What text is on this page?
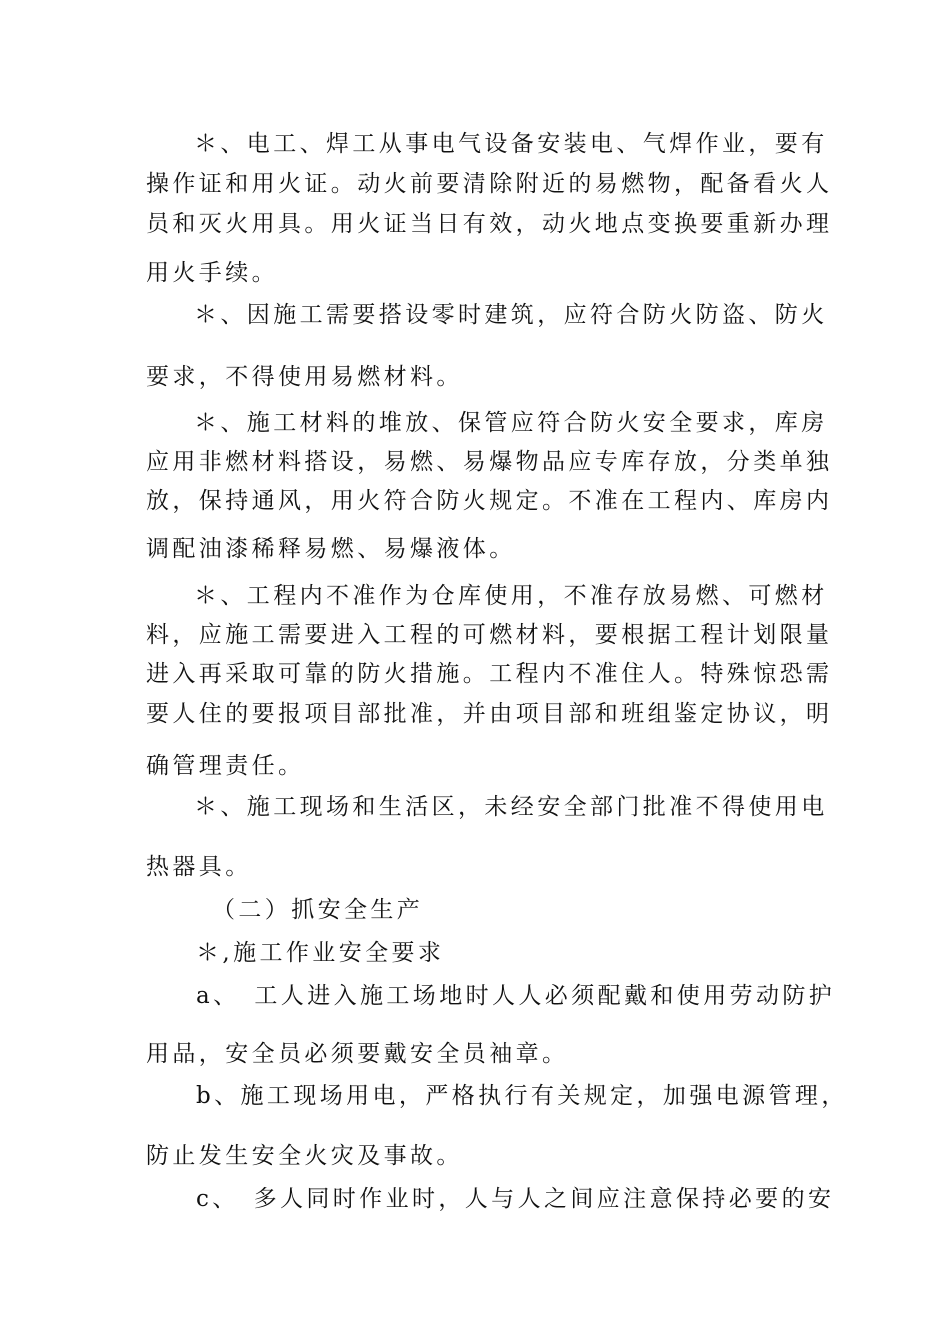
＊、电工、焊工从事电气设备安装电、气焊作业，要有
操作证和用火证。动火前要清除附近的易燃物，配备看火人
员和灭火用具。用火证当日有效，动火地点变换要重新办理
用火手续。
＊、因施工需要搭设零时建筑，应符合防火防盗、防火
要求，不得使用易燃材料。
＊、施工材料的堆放、保管应符合防火安全要求，库房
应用非燃材料搭设，易燃、易爆物品应专库存放，分类单独
放，保持通风，用火符合防火规定。不准在工程内、库房内
调配油漆稀释易燃、易爆液体。
＊、工程内不准作为仓库使用，不准存放易燃、可燃材
料，应施工需要进入工程的可燃材料，要根据工程计划限量
进入再采取可靠的防火措施。工程内不准住人。特殊惊恐需
要人住的要报项目部批准，并由项目部和班组鉴定协议，明
确管理责任。
＊、施工现场和生活区，未经安全部门批准不得使用电
热器具。
（二）抓安全生产
＊,施工作业安全要求
a、　工人进入施工场地时人人必须配戴和使用劳动防护
用品，安全员必须要戴安全员袖章。
b、施工现场用电，严格执行有关规定，加强电源管理，
防止发生安全火灾及事故。
c、　多人同时作业时，人与人之间应注意保持必要的安
